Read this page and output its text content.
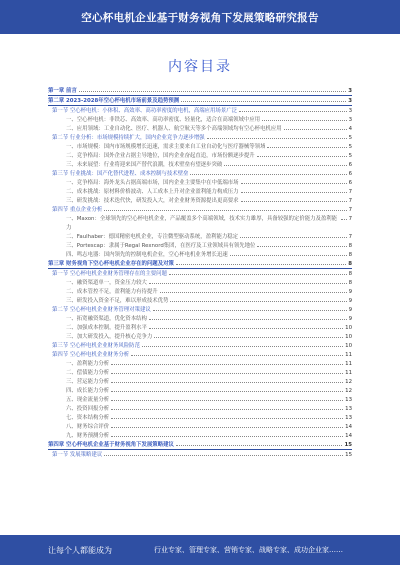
空心杯电机企业基于财务视角下发展策略研究报告
内容目录
第一章 前言	3
第二章 2023-2028年空心杯电机市场前景及趋势预测	3
第一节 空心杯电机：小体积、高效率、高功率密度的电机，高端应用场景广泛	3
一、空心杯电机：非铁芯、高效率、高功率密度、轻量化，适合在高端领域中应用	3
二、应用领域：工业自动化、医疗、机器人、航空航天等多个高端领域均有空心杯电机应用	4
第二节 行业分析：市场规模持续扩大，国内企业竞争力逐步增强	5
一、市场规模：国内市场规模增长迅速，需求主要来自工业自动化与医疗器械等领域	5
二、竞争格局：国外企业占据主导地位，国内企业奋起直追，市场份额逐步提升	5
三、未来展望：行业将迎来国产替代浪潮，技术壁垒有望逐步突破	6
第三节 行业挑战：国产化替代进程、成本控制与技术壁垒	6
一、竞争格局：海外龙头占据高端市场，国内企业主要集中在中低端市场	6
二、成本挑战：原材料价格波动、人工成本上升对企业盈利能力构成压力	7
三、研发挑战：技术迭代快，研发投入大，对企业财务资源提出更高要求	7
第四节 重点企业分析	7
一、Maxon：全球领先的空心杯电机企业，产品覆盖多个高端领域，技术实力雄厚，具备较强的定价能力及盈利能力
7
二、Faulhaber：德国精密电机企业，专注微型驱动系统，盈利能力稳定	7
三、Portescap：隶属于Regal Rexnord集团，在医疗及工业领域具有领先地位	8
四、鸣志电器：国内领先的控制电机企业，空心杯电机业务增长迅速	8
第三章 财务视角下空心杯电机企业存在的问题及对策	8
第一节 空心杯电机企业财务管理存在的主要问题	8
一、融资渠道单一，资金压力较大	8
二、成本管控不足，盈利能力有待提升	9
三、研发投入资金不足，难以形成技术优势	9
第二节 空心杯电机企业财务管理对策建议	9
一、拓宽融资渠道，优化资本结构	9
二、加强成本控制，提升盈利水平	10
三、加大研发投入，提升核心竞争力	10
第三节 空心杯电机企业财务风险防范	10
第四节 空心杯电机企业财务分析	11
一、盈利能力分析	11
二、偿债能力分析	11
三、营运能力分析	12
四、成长能力分析	12
五、现金流量分析	13
六、投资回报分析	13
七、资本结构分析	13
八、财务综合评价	14
九、财务预测分析	14
第四章 空心杯电机企业基于财务视角下发展策略建议	15
第一节 发展策略建议	15
让每个人都能成为	行业专家、管理专家、营销专家、战略专家、成功企业家……
